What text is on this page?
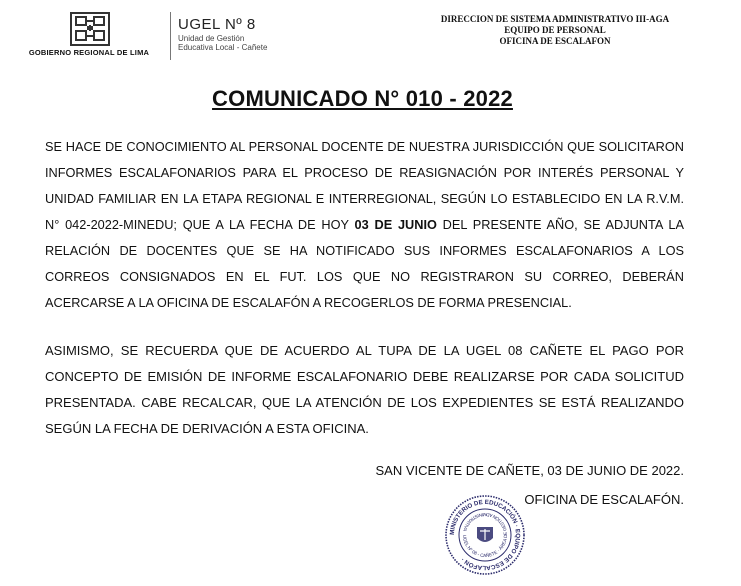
GOBIERNO REGIONAL DE LIMA
UGEL Nº 8
Unidad de Gestión
Educativa Local - Cañete
DIRECCION DE SISTEMA ADMINISTRATIVO III-AGA
EQUIPO DE PERSONAL
OFICINA DE ESCALAFON
COMUNICADO N° 010 - 2022
SE HACE DE CONOCIMIENTO AL PERSONAL DOCENTE DE NUESTRA JURISDICCIÓN QUE SOLICITARON INFORMES ESCALAFONARIOS PARA EL PROCESO DE REASIGNACIÓN POR INTERÉS PERSONAL Y UNIDAD FAMILIAR EN LA ETAPA REGIONAL E INTERREGIONAL, SEGÚN LO ESTABLECIDO EN LA R.V.M. N° 042-2022-MINEDU; QUE A LA FECHA DE HOY 03 DE JUNIO DEL PRESENTE AÑO, SE ADJUNTA LA RELACIÓN DE DOCENTES QUE SE HA NOTIFICADO SUS INFORMES ESCALAFONARIOS A LOS CORREOS CONSIGNADOS EN EL FUT. LOS QUE NO REGISTRARON SU CORREO, DEBERÁN ACERCARSE A LA OFICINA DE ESCALAFÓN A RECOGERLOS DE FORMA PRESENCIAL.
ASIMISMO, SE RECUERDA QUE DE ACUERDO AL TUPA DE LA UGEL 08 CAÑETE EL PAGO POR CONCEPTO DE EMISIÓN DE INFORME ESCALAFONARIO DEBE REALIZARSE POR CADA SOLICITUD PRESENTADA. CABE RECALCAR, QUE LA ATENCIÓN DE LOS EXPEDIENTES SE ESTÁ REALIZANDO SEGÚN LA FECHA DE DERIVACIÓN A ESTA OFICINA.
SAN VICENTE DE CAÑETE, 03 DE JUNIO DE 2022.
OFICINA DE ESCALAFÓN.
MINISTERIO DE EDUCACIÓN · EQUIPO DE ESCALAFÓN ·
UGEL Nº 08 - CAÑETE · ÁREA DE GESTIÓN ADMINISTRATIVA
